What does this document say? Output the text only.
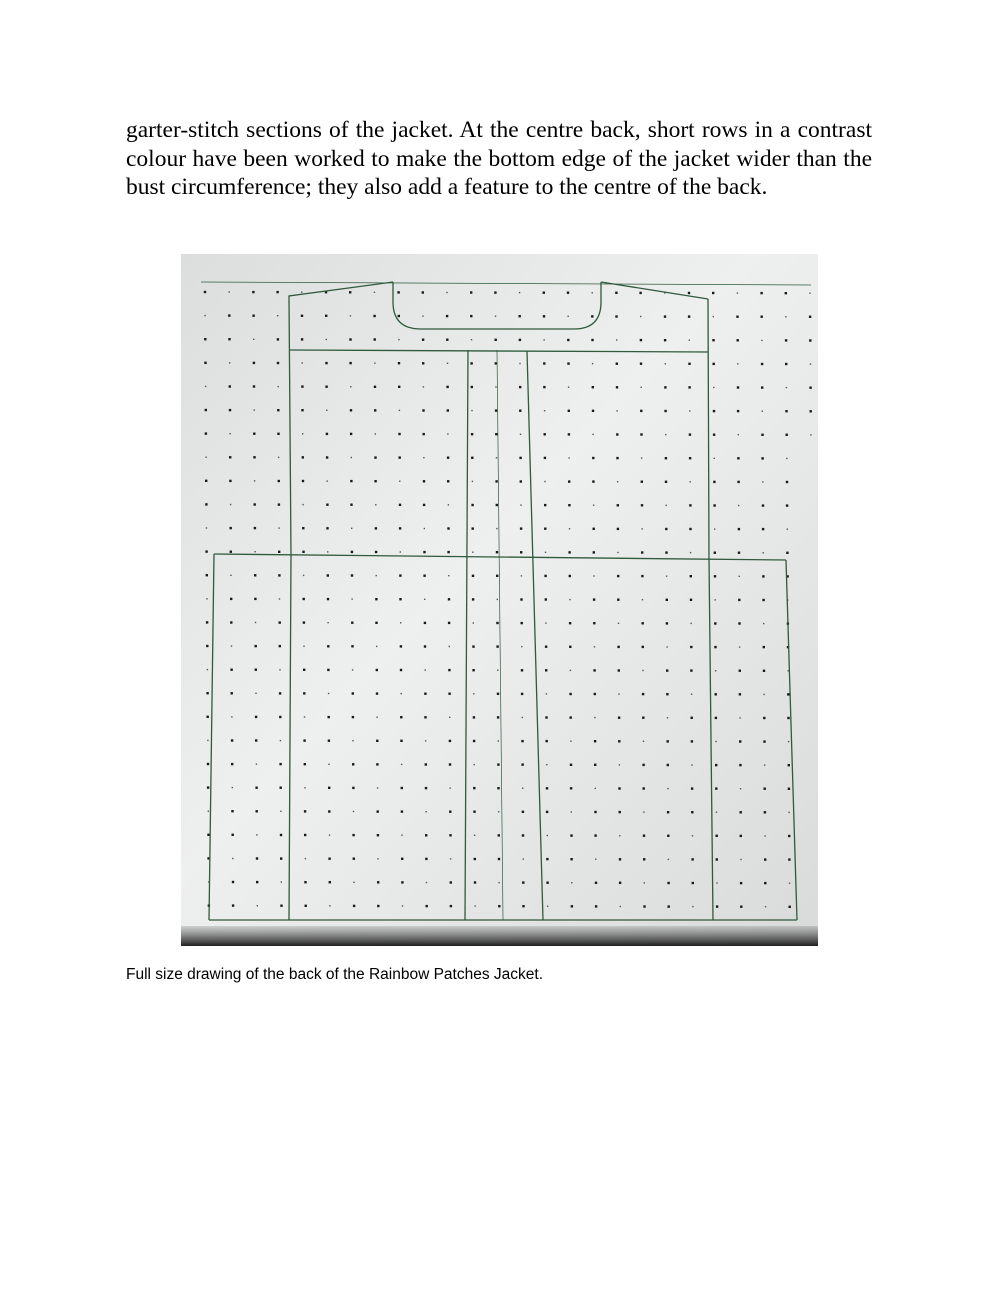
garter-stitch sections of the jacket. At the centre back, short rows in a contrast colour have been worked to make the bottom edge of the jacket wider than the bust circumference; they also add a feature to the centre of the back.

Full size drawing of the back of the Rainbow Patches Jacket.
